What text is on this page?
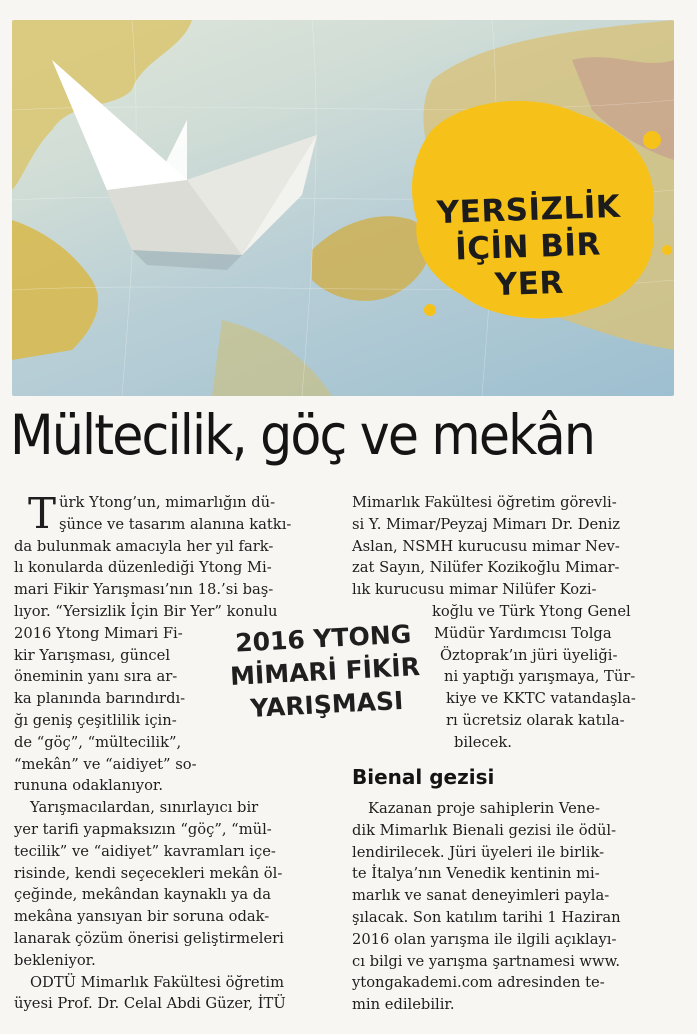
YERSİZLİK
İÇİN BİR YER
Mültecilik, göç ve mekân

T ürk Ytong’un, mimarlığın dü-
şünce ve tasarım alanına katkı-

da bulunmak amacıyla her yıl fark-
lı konularda düzenlediği Ytong Mi-
mari Fikir Yarışması’nın 18.’si baş-
lıyor. “Yersizlik İçin Bir Yer” konulu
2016 Ytong Mimari Fi-
kir Yarışması, güncel
öneminin yanı sıra ar-
ka planında barındırdı-
ğı geniş çeşitlilik için-
de “göç”, “mültecilik”,
“mekân” ve “aidiyet” so-
rununa odaklanıyor.
Yarışmacılardan, sınırlayıcı bir
yer tarifi yapmaksızın “göç”, “mül-
tecilik” ve “aidiyet” kavramları içe-
risinde, kendi seçecekleri mekân öl-
çeğinde, mekândan kaynaklı ya da
mekâna yansıyan bir soruna odak-
lanarak çözüm önerisi geliştirmeleri
bekleniyor.
ODTÜ Mimarlık Fakültesi öğretim
üyesi Prof. Dr. Celal Abdi Güzer, İTÜ
2016 YTONG
MİMARİ FİKİR
YARIŞMASI
Mimarlık Fakültesi öğretim görevli-
si Y. Mimar/Peyzaj Mimarı Dr. Deniz
Aslan, NSMH kurucusu mimar Nev-
zat Sayın, Nilüfer Kozikoğlu Mimar-
lık kurucusu mimar Nilüfer Kozi-
koğlu ve Türk Ytong Genel
Müdür Yardımcısı Tolga
Öztoprak’ın jüri üyeliği-
ni yaptığı yarışmaya, Tür-
kiye ve KKTC vatandaşla-
rı ücretsiz olarak katıla-
bilecek.
Bienal gezisi
Kazanan proje sahiplerin Vene-
dik Mimarlık Bienali gezisi ile ödül-
lendirilecek. Jüri üyeleri ile birlik-
te İtalya’nın Venedik kentinin mi-
marlık ve sanat deneyimleri payla-
şılacak. Son katılım tarihi 1 Haziran
2016 olan yarışma ile ilgili açıklayı-
cı bilgi ve yarışma şartnamesi www.
ytongakademi.com adresinden te-
min edilebilir.
